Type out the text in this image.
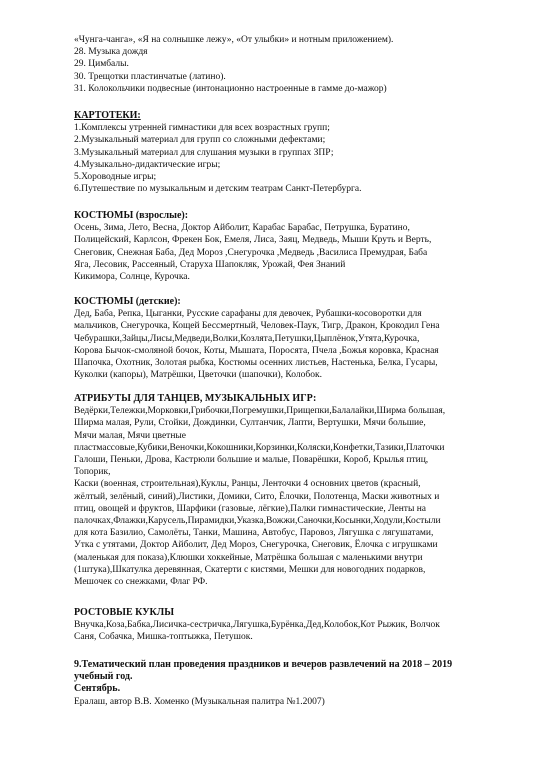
«Чунга-чанга», «Я на солнышке лежу», «От улыбки» и нотным приложением).
28. Музыка дождя
29. Цимбалы.
30. Трещотки пластинчатые (латино).
31. Колокольчики подвесные (интонационно настроенные в гамме до-мажор)
КАРТОТЕКИ:
1.Комплексы утренней гимнастики для всех возрастных групп;
2.Музыкальный материал для групп со сложными дефектами;
3.Музыкальный материал для слушания музыки в группах ЗПР;
4.Музыкально-дидактические игры;
5.Хороводные игры;
6.Путешествие по музыкальным и детским театрам Санкт-Петербурга.
КОСТЮМЫ (взрослые):
Осень, Зима, Лето, Весна, Доктор Айболит, Карабас Барабас, Петрушка, Буратино,
Полицейский, Карлсон, Фрекен Бок, Емеля, Лиса, Заяц, Медведь, Мыши Круть и Верть,
Снеговик, Снежная Баба, Дед Мороз ,Снегурочка ,Медведь ,Василиса Премудрая, Баба
Яга, Лесовик, Рассеяный, Старуха Шапокляк, Урожай, Фея Знаний
Кикимора, Солнце, Курочка.
КОСТЮМЫ (детские):
Дед, Баба, Репка, Цыганки, Русские сарафаны для девочек, Рубашки-косоворотки для
мальчиков, Снегурочка, Кощей Бессмертный, Человек-Паук, Тигр, Дракон, Крокодил Гена
Чебурашки,Зайцы,Лисы,Медведи,Волки,Козлята,Петушки,Цыплёнок,Утята,Курочка,
Корова Бычок-смоляной бочок, Коты, Мышата, Поросята, Пчела ,Божья коровка, Красная
Шапочка, Охотник, Золотая рыбка, Костюмы осенних листьев, Настенька, Белка, Гусары,
Куколки (капоры), Матрёшки, Цветочки (шапочки), Колобок.
АТРИБУТЫ ДЛЯ ТАНЦЕВ, МУЗЫКАЛЬНЫХ ИГР:
Ведёрки,Тележки,Морковки,Грибочки,Погремушки,Прищепки,Балалайки,Ширма большая,
Ширма малая, Рули, Стойки, Дождинки, Султанчик, Лапти, Вертушки, Мячи большие,
Мячи малая, Мячи цветные
пластмассовые,Кубики,Веночки,Кокошники,Корзинки,Коляски,Конфетки,Тазики,Платочки
Галоши, Пеньки, Дрова, Кастрюли большие и малые, Поварёшки, Короб, Крылья птиц,
Топорик,
Каски (военная, строительная),Куклы, Ранцы, Ленточки 4 основних цветов (красный,
жёлтый, зелёный, синий),Листики, Домики, Сито, Ёлочки, Полотенца, Маски животных и
птиц, овощей и фруктов, Шарфики (газовые, лёгкие),Палки гимнастические, Ленты на
палочках,Флажки,Карусель,Пирамидки,Указка,Вожжи,Саночки,Косынки,Ходули,Костыли
для кота Базилио, Самолёты, Танки, Машина, Автобус, Паровоз, Лягушка с лягушатами,
Утка с утятами, Доктор Айболит, Дед Мороз, Снегурочка, Снеговик, Ёлочка с игрушками
(маленькая для показа),Клюшки хоккейные, Матрёшка большая с маленькими внутри
(1штука),Шкатулка деревянная, Скатерти с кистями, Мешки для новогодних подарков,
Мешочек со снежками, Флаг РФ.
РОСТОВЫЕ КУКЛЫ
Внучка,Коза,Бабка,Лисичка-сестричка,Лягушка,Бурёнка,Дед,Колобок,Кот Рыжик, Волчок
Саня, Собачка, Мишка-топтыжка, Петушок.
9.Тематический план проведения праздников и вечеров развлечений на 2018 – 2019
учебный год.
Сентябрь.
Ералаш, автор В.В. Хоменко (Музыкальная палитра №1.2007)
